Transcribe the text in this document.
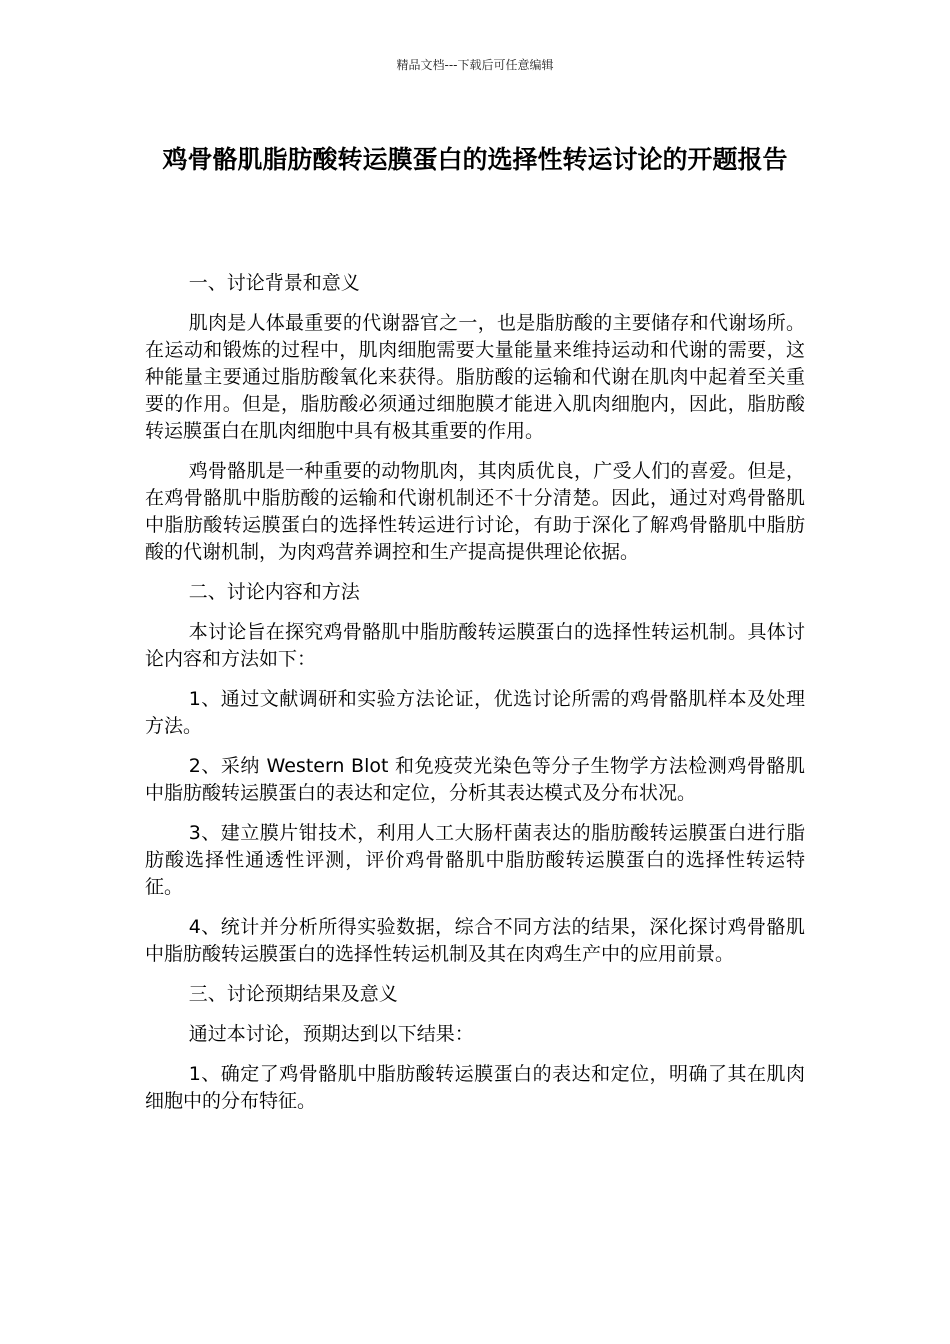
精品文档---下载后可任意编辑
鸡骨骼肌脂肪酸转运膜蛋白的选择性转运讨论的开题报告

一、讨论背景和意义

肌肉是人体最重要的代谢器官之一，也是脂肪酸的主要储存和代谢场所。在运动和锻炼的过程中，肌肉细胞需要大量能量来维持运动和代谢的需要，这种能量主要通过脂肪酸氧化来获得。脂肪酸的运输和代谢在肌肉中起着至关重要的作用。但是，脂肪酸必须通过细胞膜才能进入肌肉细胞内，因此，脂肪酸转运膜蛋白在肌肉细胞中具有极其重要的作用。

鸡骨骼肌是一种重要的动物肌肉，其肉质优良，广受人们的喜爱。但是，在鸡骨骼肌中脂肪酸的运输和代谢机制还不十分清楚。因此，通过对鸡骨骼肌中脂肪酸转运膜蛋白的选择性转运进行讨论，有助于深化了解鸡骨骼肌中脂肪酸的代谢机制，为肉鸡营养调控和生产提高提供理论依据。

二、讨论内容和方法

本讨论旨在探究鸡骨骼肌中脂肪酸转运膜蛋白的选择性转运机制。具体讨论内容和方法如下：

1、通过文献调研和实验方法论证，优选讨论所需的鸡骨骼肌样本及处理方法。

2、采纳 Western Blot 和免疫荧光染色等分子生物学方法检测鸡骨骼肌中脂肪酸转运膜蛋白的表达和定位，分析其表达模式及分布状况。

3、建立膜片钳技术，利用人工大肠杆菌表达的脂肪酸转运膜蛋白进行脂肪酸选择性通透性评测，评价鸡骨骼肌中脂肪酸转运膜蛋白的选择性转运特征。

4、统计并分析所得实验数据，综合不同方法的结果，深化探讨鸡骨骼肌中脂肪酸转运膜蛋白的选择性转运机制及其在肉鸡生产中的应用前景。

三、讨论预期结果及意义

通过本讨论，预期达到以下结果：

1、确定了鸡骨骼肌中脂肪酸转运膜蛋白的表达和定位，明确了其在肌肉细胞中的分布特征。
